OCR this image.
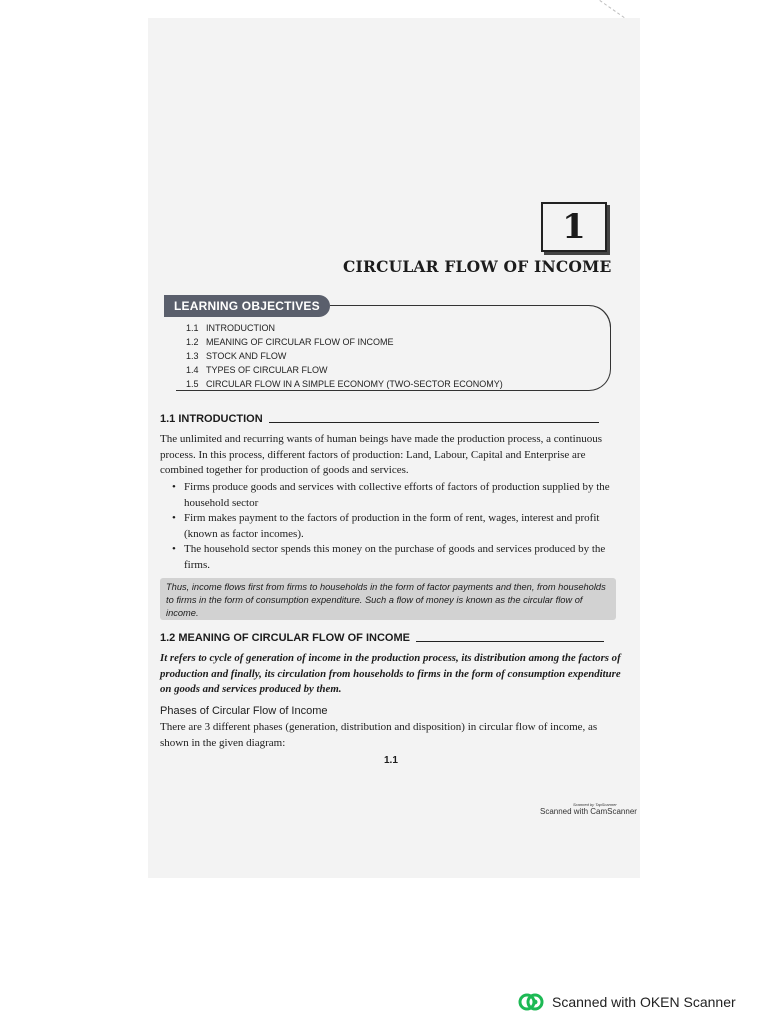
1
CIRCULAR FLOW OF INCOME
LEARNING OBJECTIVES
1.1 INTRODUCTION
1.2 MEANING OF CIRCULAR FLOW OF INCOME
1.3 STOCK AND FLOW
1.4 TYPES OF CIRCULAR FLOW
1.5 CIRCULAR FLOW IN A SIMPLE ECONOMY (TWO-SECTOR ECONOMY)
1.1 INTRODUCTION

The unlimited and recurring wants of human beings have made the production process, a continuous process. In this process, different factors of production: Land, Labour, Capital and Enterprise are combined together for production of goods and services.

• Firms produce goods and services with collective efforts of factors of production supplied by the household sector
• Firm makes payment to the factors of production in the form of rent, wages, interest and profit (known as factor incomes).
• The household sector spends this money on the purchase of goods and services produced by the firms.
Thus, income flows first from firms to households in the form of factor payments and then, from households to firms in the form of consumption expenditure. Such a flow of money is known as the circular flow of income.
1.2 MEANING OF CIRCULAR FLOW OF INCOME

It refers to cycle of generation of income in the production process, its distribution among the factors of production and finally, its circulation from households to firms in the form of consumption expenditure on goods and services produced by them.

Phases of Circular Flow of Income

There are 3 different phases (generation, distribution and disposition) in circular flow of income, as shown in the given diagram:

1.1
Scanned by TapScanner
Scanned with CamScanner
Scanned with OKEN Scanner
